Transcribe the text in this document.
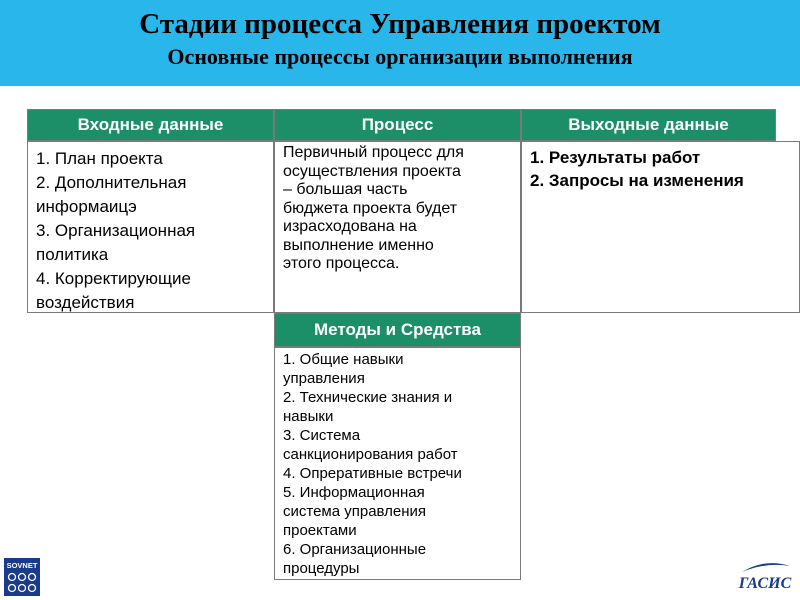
Стадии процесса Управления проектом
Основные процессы организации выполнения
Входные данные	Процесс	Выходные данные
1. План проекта
2. Дополнительная
информаицэ
3. Организационная
политика
4. Корректирующие
воздействия
Первичный процесс для
осуществления проекта
– большая часть
бюджета проекта будет
израсходована на
выполнение именно
этого процесса.
1. Результаты работ
2. Запросы на изменения
Методы и Средства
1. Общие навыки
управления
2. Технические знания и
навыки
3. Система
санкционирования работ
4. Опреративные встречи
5. Информационная
система управления
проектами
6. Организационные
процедуры
SOVNET
ГАСИС
